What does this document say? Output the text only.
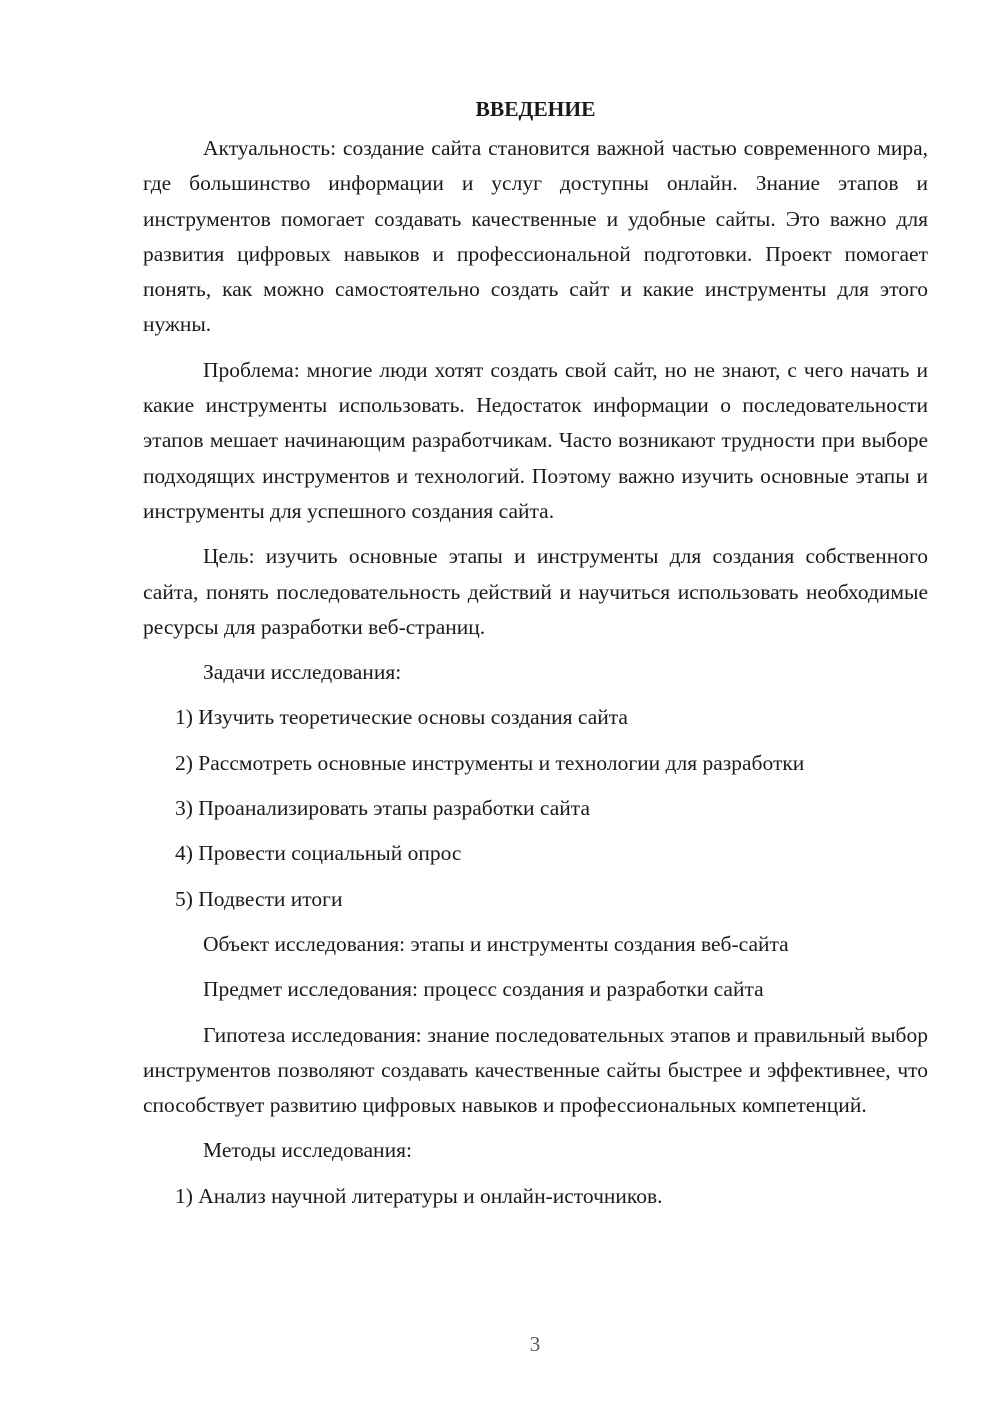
ВВЕДЕНИЕ

Актуальность: создание сайта становится важной частью современного мира, где большинство информации и услуг доступны онлайн. Знание этапов и инструментов помогает создавать качественные и удобные сайты. Это важно для развития цифровых навыков и профессиональной подготовки. Проект помогает понять, как можно самостоятельно создать сайт и какие инструменты для этого нужны.

Проблема: многие люди хотят создать свой сайт, но не знают, с чего начать и какие инструменты использовать. Недостаток информации о последовательности этапов мешает начинающим разработчикам. Часто возникают трудности при выборе подходящих инструментов и технологий. Поэтому важно изучить основные этапы и инструменты для успешного создания сайта.

Цель: изучить основные этапы и инструменты для создания собственного сайта, понять последовательность действий и научиться использовать необходимые ресурсы для разработки веб-страниц.

Задачи исследования:

1) Изучить теоретические основы создания сайта

2) Рассмотреть основные инструменты и технологии для разработки

3) Проанализировать этапы разработки сайта

4) Провести социальный опрос

5) Подвести итоги

Объект исследования: этапы и инструменты создания веб-сайта

Предмет исследования: процесс создания и разработки сайта

Гипотеза исследования: знание последовательных этапов и правильный выбор инструментов позволяют создавать качественные сайты быстрее и эффективнее, что способствует развитию цифровых навыков и профессиональных компетенций.

Методы исследования:

1) Анализ научной литературы и онлайн-источников.

3
